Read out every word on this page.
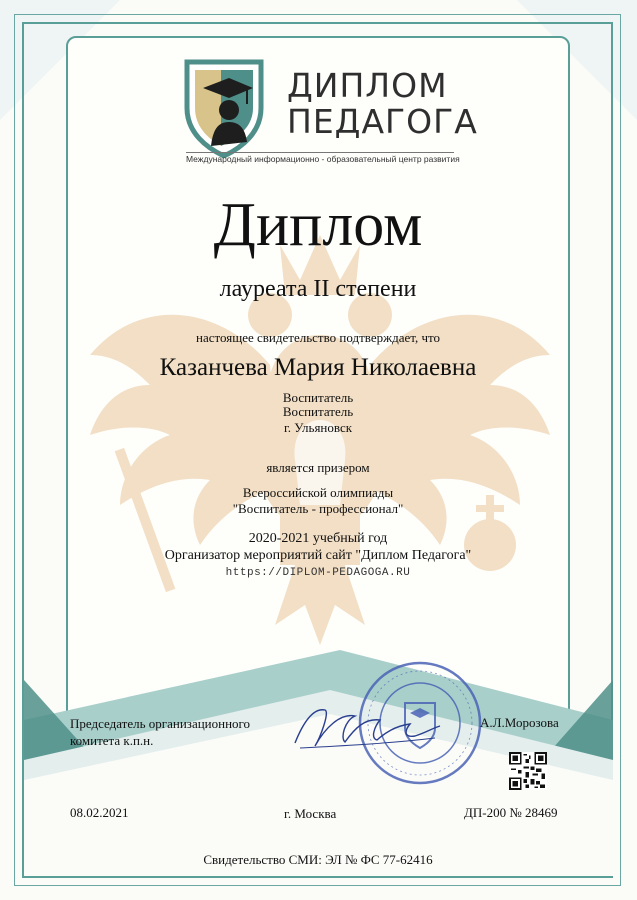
ДИПЛОМ
ПЕДАГОГА
Международный информационно - образовательный центр развития
Диплом
лауреата II степени
настоящее свидетельство подтверждает, что
Казанчева Мария Николаевна
Воспитатель
Воспитатель
г. Ульяновск
является призером
Всероссийской олимпиады
"Воспитатель - профессионал"
2020-2021 учебный год
Организатор мероприятий сайт "Диплом Педагога"
https://DIPLOM-PEDAGOGA.RU
Председатель организационного
комитета к.п.н.
А.Л.Морозова
08.02.2021	г. Москва	ДП-200 № 28469
Свидетельство СМИ: ЭЛ № ФС 77-62416
